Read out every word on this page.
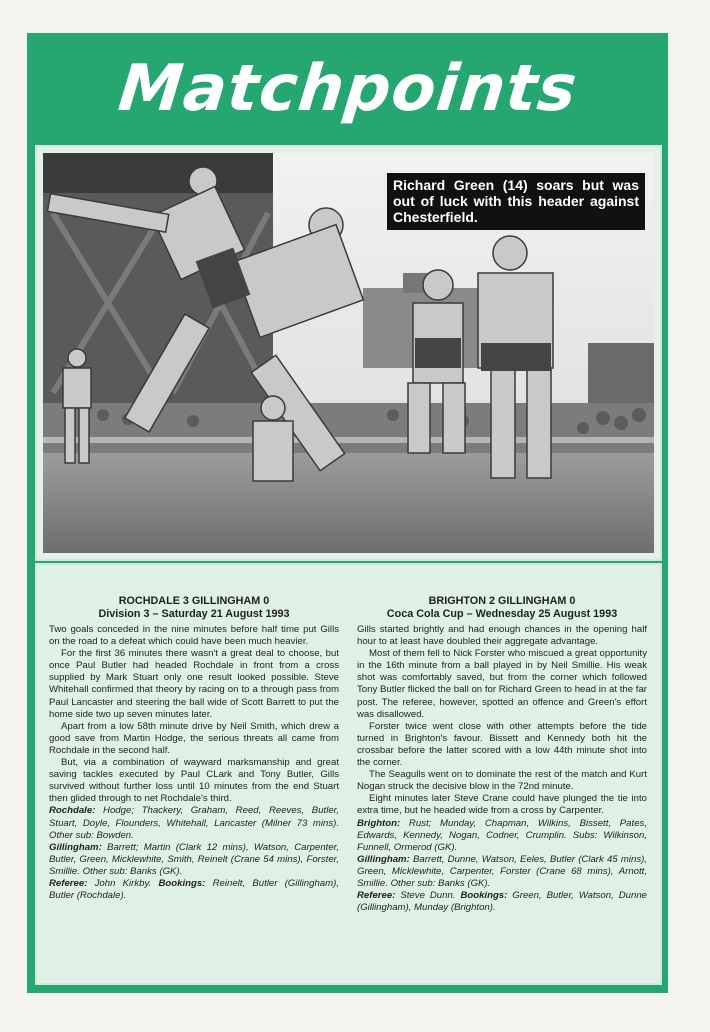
Matchpoints
Richard Green (14) soars but was out of luck with this header against Chesterfield.
ROCHDALE 3 GILLINGHAM 0
Division 3 – Saturday 21 August 1993

Two goals conceded in the nine minutes before half time put Gills on the road to a defeat which could have been much heavier.

For the first 36 minutes there wasn't a great deal to choose, but once Paul Butler had headed Rochdale in front from a cross supplied by Mark Stuart only one result looked possible. Steve Whitehall confirmed that theory by racing on to a through pass from Paul Lancaster and steering the ball wide of Scott Barrett to put the home side two up seven minutes later.

Apart from a low 58th minute drive by Neil Smith, which drew a good save from Martin Hodge, the serious threats all came from Rochdale in the second half.

But, via a combination of wayward marksmanship and great saving tackles executed by Paul CLark and Tony Butler, Gills survived without further loss until 10 minutes from the end Stuart then glided through to net Rochdale's third.

Rochdale: Hodge; Thackery, Graham, Reed, Reeves, Butler, Stuart, Doyle, Flounders, Whitehall, Lancaster (Milner 73 mins). Other sub: Bowden.

Gillingham: Barrett; Martin (Clark 12 mins), Watson, Carpenter, Butler, Green, Micklewhite, Smith, Reinelt (Crane 54 mins), Forster, Smillie. Other sub: Banks (GK).

Referee: John Kirkby. Bookings: Reinelt, Butler (Gillingham), Butler (Rochdale).

BRIGHTON 2 GILLINGHAM 0
Coca Cola Cup – Wednesday 25 August 1993

Gills started brightly and had enough chances in the opening half hour to at least have doubled their aggregate advantage.

Most of them fell to Nick Forster who miscued a great opportunity in the 16th minute from a ball played in by Neil Smillie. His weak shot was comfortably saved, but from the corner which followed Tony Butler flicked the ball on for Richard Green to head in at the far post. The referee, however, spotted an offence and Green's effort was disallowed.

Forster twice went close with other attempts before the tide turned in Brighton's favour. Bissett and Kennedy both hit the crossbar before the latter scored with a low 44th minute shot into the corner.

The Seagulls went on to dominate the rest of the match and Kurt Nogan struck the decisive blow in the 72nd minute.

Eight minutes later Steve Crane could have plunged the tie into extra time, but he headed wide from a cross by Carpenter.

Brighton: Rust; Munday, Chapman, Wilkins, Bissett, Pates, Edwards, Kennedy, Nogan, Codner, Crumplin. Subs: Wilkinson, Funnell, Ormerod (GK).

Gillingham: Barrett, Dunne, Watson, Eeles, Butler (Clark 45 mins), Green, Micklewhite, Carpenter, Forster (Crane 68 mins), Arnott, Smillie. Other sub: Banks (GK).

Referee: Steve Dunn. Bookings: Green, Butler, Watson, Dunne (Gillingham), Munday (Brighton).
